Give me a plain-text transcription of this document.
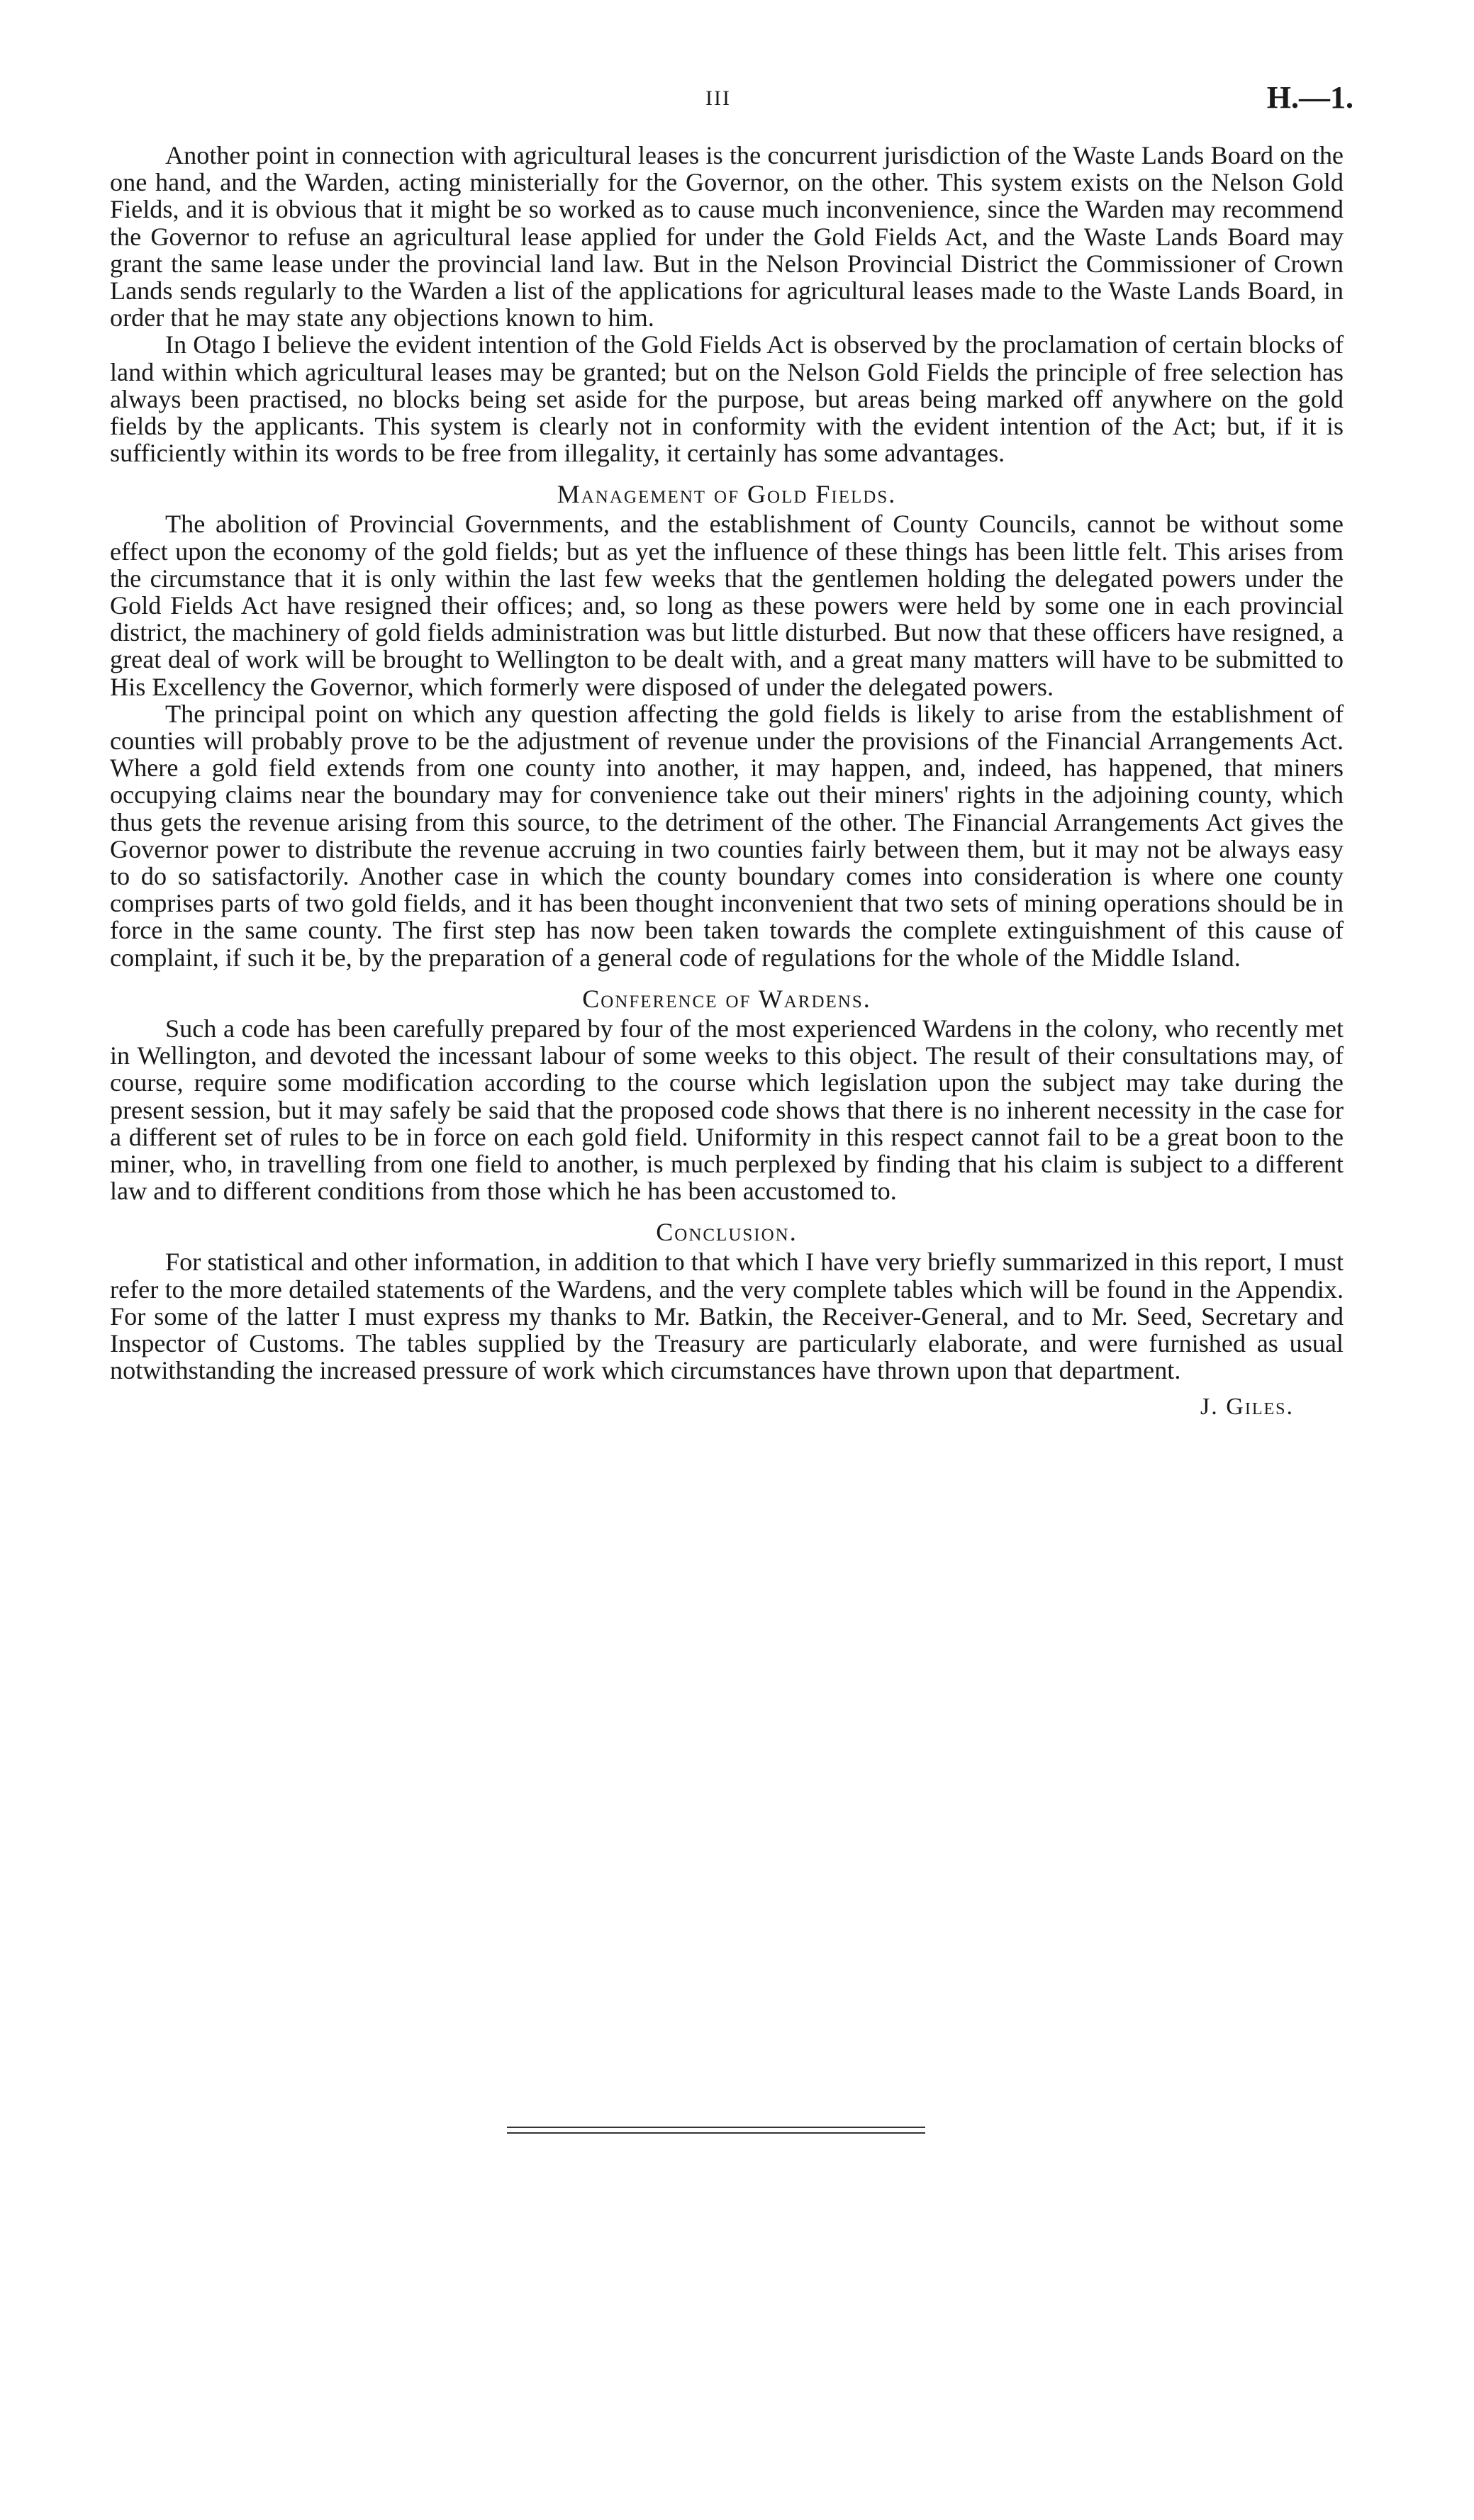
III	H.—1.

Another point in connection with agricultural leases is the concurrent jurisdiction of the Waste Lands Board on the one hand, and the Warden, acting ministerially for the Governor, on the other. This system exists on the Nelson Gold Fields, and it is obvious that it might be so worked as to cause much inconvenience, since the Warden may recommend the Governor to refuse an agricultural lease applied for under the Gold Fields Act, and the Waste Lands Board may grant the same lease under the provincial land law. But in the Nelson Provincial District the Commissioner of Crown Lands sends regularly to the Warden a list of the applications for agricultural leases made to the Waste Lands Board, in order that he may state any objections known to him.

In Otago I believe the evident intention of the Gold Fields Act is observed by the proclamation of certain blocks of land within which agricultural leases may be granted; but on the Nelson Gold Fields the principle of free selection has always been practised, no blocks being set aside for the purpose, but areas being marked off anywhere on the gold fields by the applicants. This system is clearly not in conformity with the evident intention of the Act; but, if it is sufficiently within its words to be free from illegality, it certainly has some advantages.

Management of Gold Fields.

The abolition of Provincial Governments, and the establishment of County Councils, cannot be without some effect upon the economy of the gold fields; but as yet the influence of these things has been little felt. This arises from the circumstance that it is only within the last few weeks that the gentlemen holding the delegated powers under the Gold Fields Act have resigned their offices; and, so long as these powers were held by some one in each provincial district, the machinery of gold fields administration was but little disturbed. But now that these officers have resigned, a great deal of work will be brought to Wellington to be dealt with, and a great many matters will have to be submitted to His Excellency the Governor, which formerly were disposed of under the delegated powers.

The principal point on which any question affecting the gold fields is likely to arise from the establishment of counties will probably prove to be the adjustment of revenue under the provisions of the Financial Arrangements Act. Where a gold field extends from one county into another, it may happen, and, indeed, has happened, that miners occupying claims near the boundary may for convenience take out their miners' rights in the adjoining county, which thus gets the revenue arising from this source, to the detriment of the other. The Financial Arrangements Act gives the Governor power to distribute the revenue accruing in two counties fairly between them, but it may not be always easy to do so satisfactorily. Another case in which the county boundary comes into consideration is where one county comprises parts of two gold fields, and it has been thought inconvenient that two sets of mining operations should be in force in the same county. The first step has now been taken towards the complete extinguishment of this cause of complaint, if such it be, by the preparation of a general code of regulations for the whole of the Middle Island.

Conference of Wardens.

Such a code has been carefully prepared by four of the most experienced Wardens in the colony, who recently met in Wellington, and devoted the incessant labour of some weeks to this object. The result of their consultations may, of course, require some modification according to the course which legislation upon the subject may take during the present session, but it may safely be said that the proposed code shows that there is no inherent necessity in the case for a different set of rules to be in force on each gold field. Uniformity in this respect cannot fail to be a great boon to the miner, who, in travelling from one field to another, is much perplexed by finding that his claim is subject to a different law and to different conditions from those which he has been accustomed to.

Conclusion.

For statistical and other information, in addition to that which I have very briefly summarized in this report, I must refer to the more detailed statements of the Wardens, and the very complete tables which will be found in the Appendix. For some of the latter I must express my thanks to Mr. Batkin, the Receiver-General, and to Mr. Seed, Secretary and Inspector of Customs. The tables supplied by the Treasury are particularly elaborate, and were furnished as usual notwithstanding the increased pressure of work which circumstances have thrown upon that department.

J. Giles.
